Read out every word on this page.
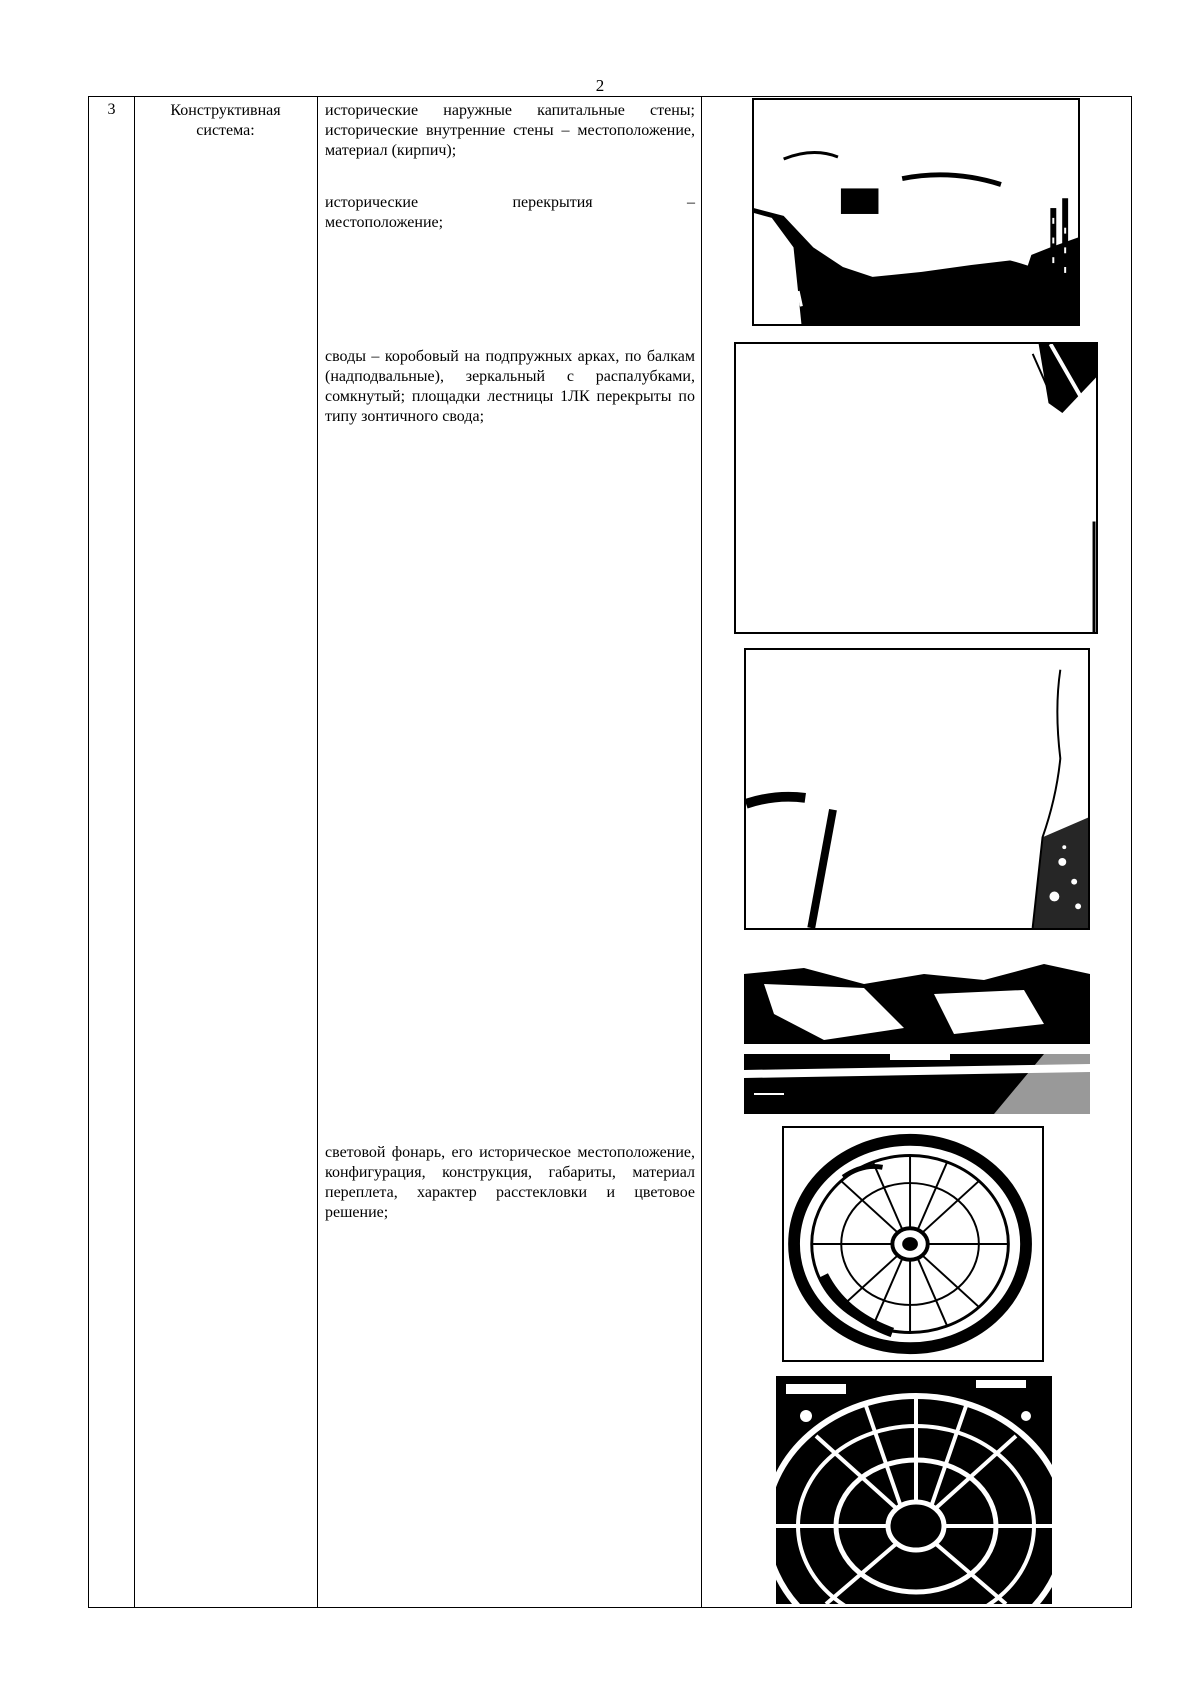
2
3	Конструктивная
система:
исторические наружные капитальные стены; исторические внутренние стены – местоположение, материал (кирпич);
исторические перекрытия –
местоположение;
своды – коробовый на подпружных арках, по балкам (надподвальные), зеркальный с распалубками, сомкнутый; площадки лестницы 1ЛК перекрыты по типу зонтичного свода;
световой фонарь, его историческое местоположение, конфигурация, конструкция, габариты, материал переплета, характер расстекловки и цветовое решение;
